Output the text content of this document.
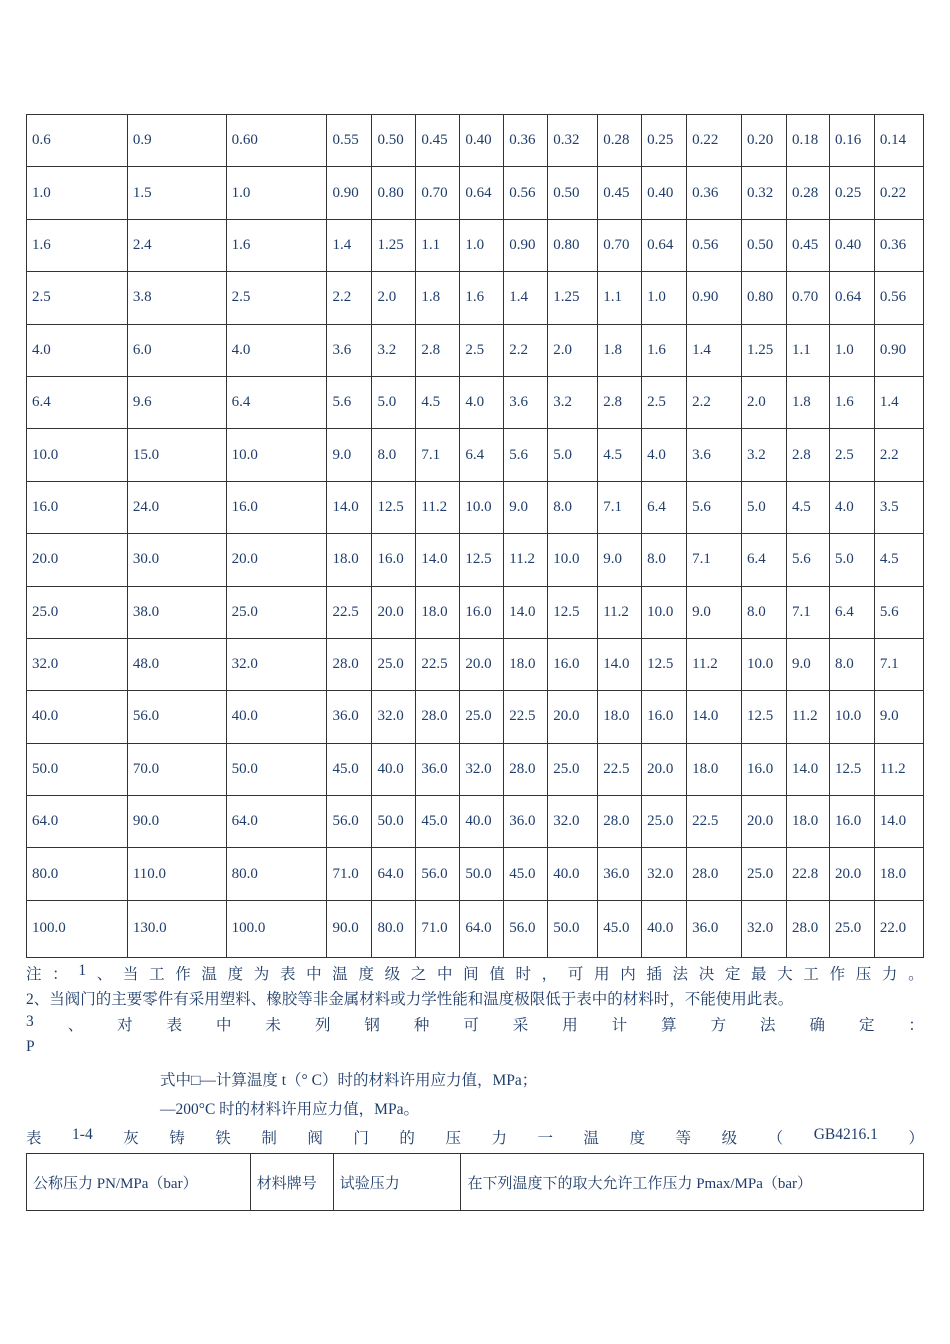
0.6	0.9	0.60	0.55	0.50	0.45	0.40	0.36	0.32	0.28	0.25	0.22	0.20	0.18	0.16	0.14
1.0	1.5	1.0	0.90	0.80	0.70	0.64	0.56	0.50	0.45	0.40	0.36	0.32	0.28	0.25	0.22
1.6	2.4	1.6	1.4	1.25	1.1	1.0	0.90	0.80	0.70	0.64	0.56	0.50	0.45	0.40	0.36
2.5	3.8	2.5	2.2	2.0	1.8	1.6	1.4	1.25	1.1	1.0	0.90	0.80	0.70	0.64	0.56
4.0	6.0	4.0	3.6	3.2	2.8	2.5	2.2	2.0	1.8	1.6	1.4	1.25	1.1	1.0	0.90
6.4	9.6	6.4	5.6	5.0	4.5	4.0	3.6	3.2	2.8	2.5	2.2	2.0	1.8	1.6	1.4
10.0	15.0	10.0	9.0	8.0	7.1	6.4	5.6	5.0	4.5	4.0	3.6	3.2	2.8	2.5	2.2
16.0	24.0	16.0	14.0	12.5	11.2	10.0	9.0	8.0	7.1	6.4	5.6	5.0	4.5	4.0	3.5
20.0	30.0	20.0	18.0	16.0	14.0	12.5	11.2	10.0	9.0	8.0	7.1	6.4	5.6	5.0	4.5
25.0	38.0	25.0	22.5	20.0	18.0	16.0	14.0	12.5	11.2	10.0	9.0	8.0	7.1	6.4	5.6
32.0	48.0	32.0	28.0	25.0	22.5	20.0	18.0	16.0	14.0	12.5	11.2	10.0	9.0	8.0	7.1
40.0	56.0	40.0	36.0	32.0	28.0	25.0	22.5	20.0	18.0	16.0	14.0	12.5	11.2	10.0	9.0
50.0	70.0	50.0	45.0	40.0	36.0	32.0	28.0	25.0	22.5	20.0	18.0	16.0	14.0	12.5	11.2
64.0	90.0	64.0	56.0	50.0	45.0	40.0	36.0	32.0	28.0	25.0	22.5	20.0	18.0	16.0	14.0
80.0	110.0	80.0	71.0	64.0	56.0	50.0	45.0	40.0	36.0	32.0	28.0	25.0	22.8	20.0	18.0
100.0	130.0	100.0	90.0	80.0	71.0	64.0	56.0	50.0	45.0	40.0	36.0	32.0	28.0	25.0	22.0
注 ： 1 、 当 工 作 温 度 为 表 中 温 度 级 之 中 间 值 时 ， 可 用 内 插 法 决 定 最 大 工 作 压 力 。
2、当阀门的主要零件有采用塑料、橡胶等非金属材料或力学性能和温度极限低于表中的材料时，不能使用此表。
3 、 对 表 中 未 列 钢 种 可 采 用 计 算 方 法 确 定 ：
P
式中□—计算温度 t（° C）时的材料许用应力值，MPa；
—200°C 时的材料许用应力值，MPa。
表 1-4 灰 铸 铁 制 阀 门 的 压 力 一 温 度 等 级 （ GB4216.1 ）
公称压力 PN/MPa（bar）	材料牌号	试验压力	在下列温度下的取大允许工作压力 Pmax/MPa（bar）
